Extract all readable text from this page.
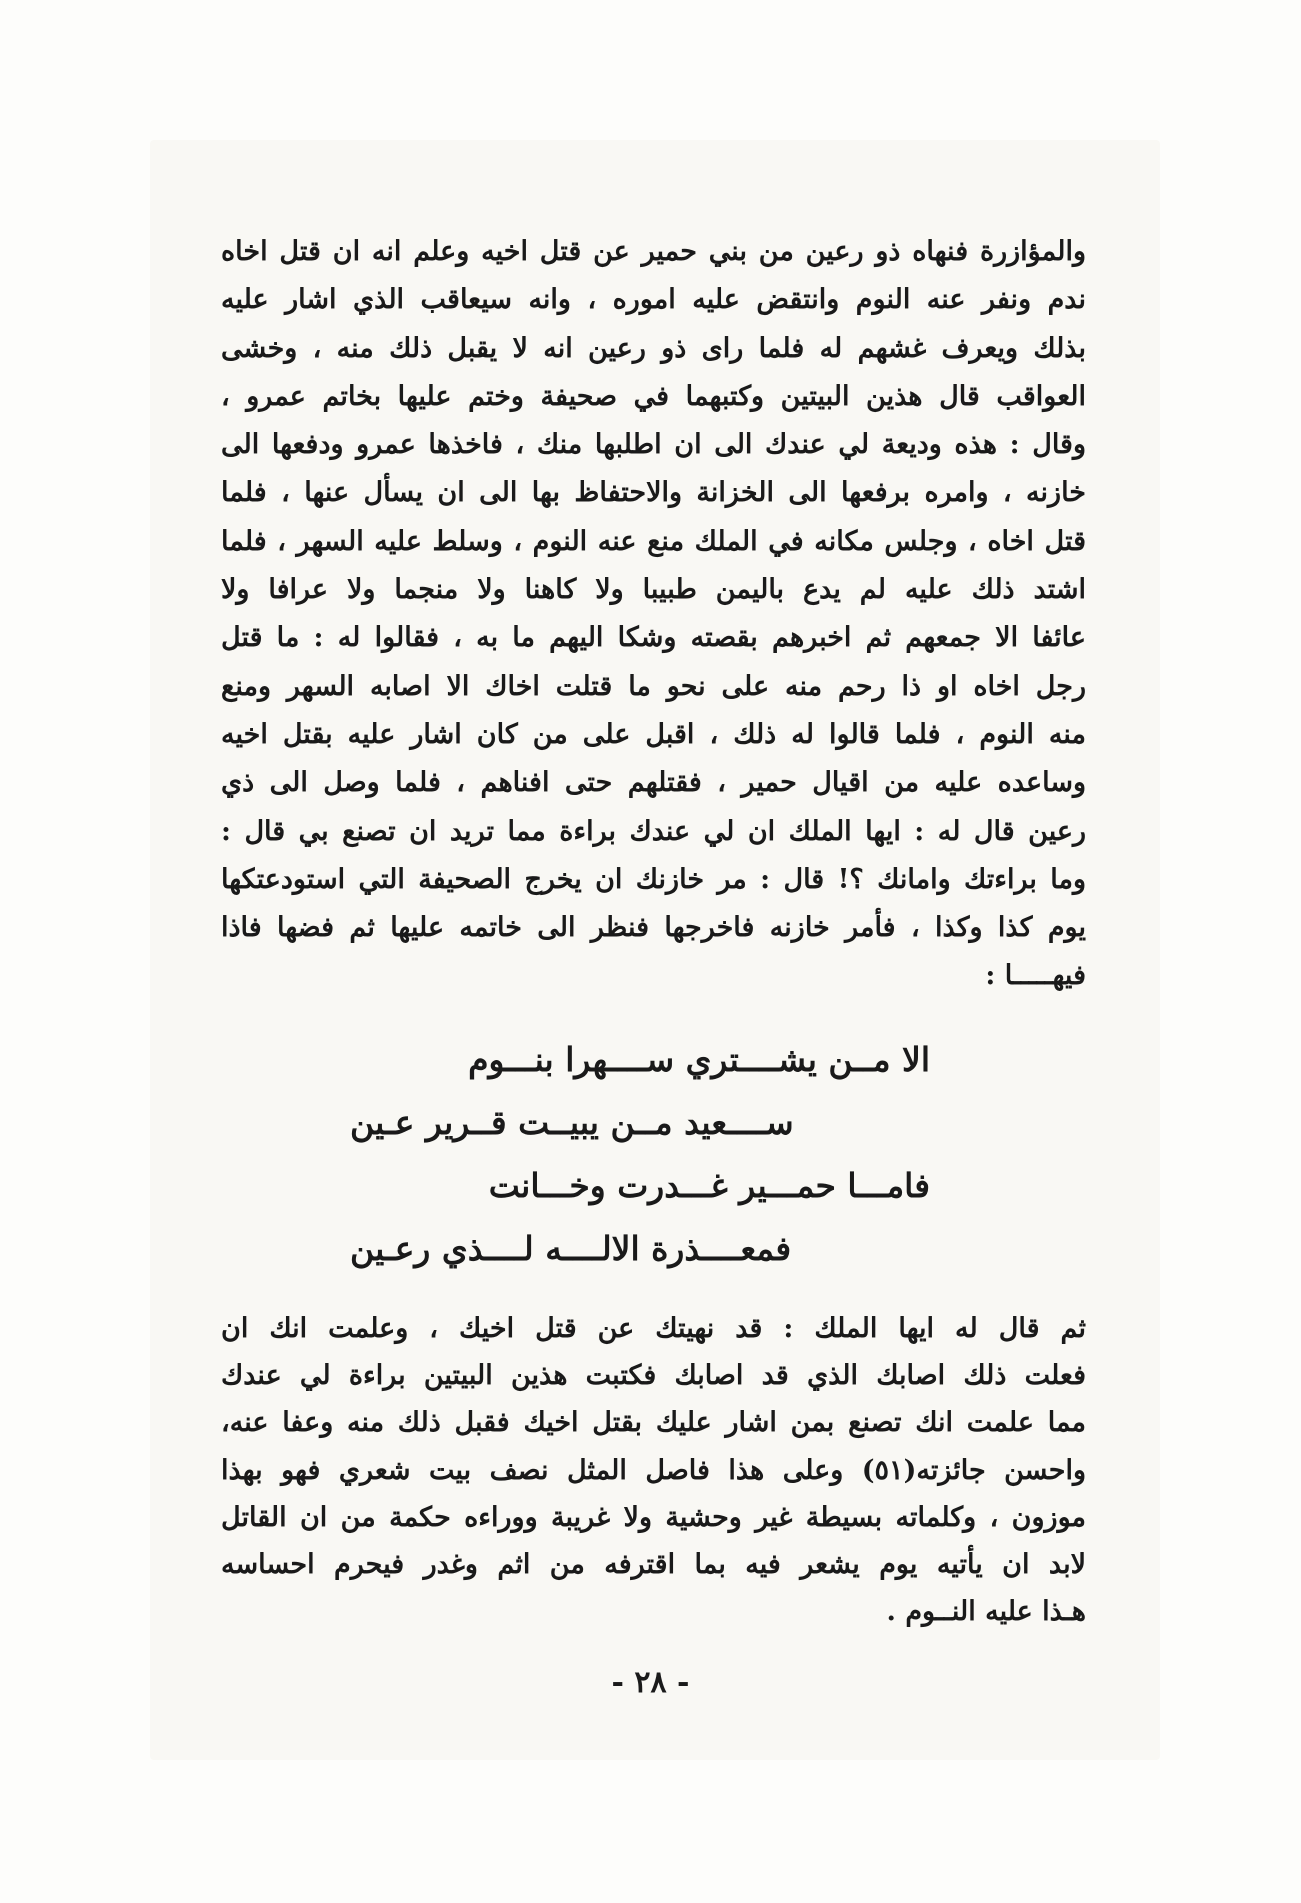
والمؤازرة فنهاه ذو رعين من بني حمير عن قتل اخيه وعلم انه ان قتل اخاه
ندم ونفر عنه النوم وانتقض عليه اموره ، وانه سيعاقب الذي اشار عليه
بذلك ويعرف غشهم له فلما راى ذو رعين انه لا يقبل ذلك منه ، وخشى
العواقب قال هذين البيتين وكتبهما في صحيفة وختم عليها بخاتم عمرو ،
وقال : هذه وديعة لي عندك الى ان اطلبها منك ، فاخذها عمرو ودفعها الى
خازنه ، وامره برفعها الى الخزانة والاحتفاظ بها الى ان يسأل عنها ، فلما
قتل اخاه ، وجلس مكانه في الملك منع عنه النوم ، وسلط عليه السهر ، فلما
اشتد ذلك عليه لم يدع باليمن طبيبا ولا كاهنا ولا منجما ولا عرافا ولا
عائفا الا جمعهم ثم اخبرهم بقصته وشكا اليهم ما به ، فقالوا له : ما قتل
رجل اخاه او ذا رحم منه على نحو ما قتلت اخاك الا اصابه السهر ومنع
منه النوم ، فلما قالوا له ذلك ، اقبل على من كان اشار عليه بقتل اخيه
وساعده عليه من اقيال حمير ، فقتلهم حتى افناهم ، فلما وصل الى ذي
رعين قال له : ايها الملك ان لي عندك براءة مما تريد ان تصنع بي قال :
وما براءتك وامانك ؟! قال : مر خازنك ان يخرج الصحيفة التي استودعتكها
يوم كذا وكذا ، فأمر خازنه فاخرجها فنظر الى خاتمه عليها ثم فضها فاذا
فيهـــــا :
الا مــن يشــــتري ســــهرا بنـــوم
ســــعيد مــن يبيــت قــرير عـين
فامـــا حمـــير غـــدرت وخـــانت
فمعــــذرة الالــــه لــــذي رعـين
ثم قال له ايها الملك : قد نهيتك عن قتل اخيك ، وعلمت انك ان
فعلت ذلك اصابك الذي قد اصابك فكتبت هذين البيتين براءة لي عندك
مما علمت انك تصنع بمن اشار عليك بقتل اخيك فقبل ذلك منه وعفا عنه،
واحسن جائزته(٥١) وعلى هذا فاصل المثل نصف بيت شعري فهو بهذا
موزون ، وكلماته بسيطة غير وحشية ولا غريبة ووراءه حكمة من ان القاتل
لابد ان يأتيه يوم يشعر فيه بما اقترفه من اثم وغدر فيحرم احساسه
هـذا عليه النــوم .
- ٢٨ -
